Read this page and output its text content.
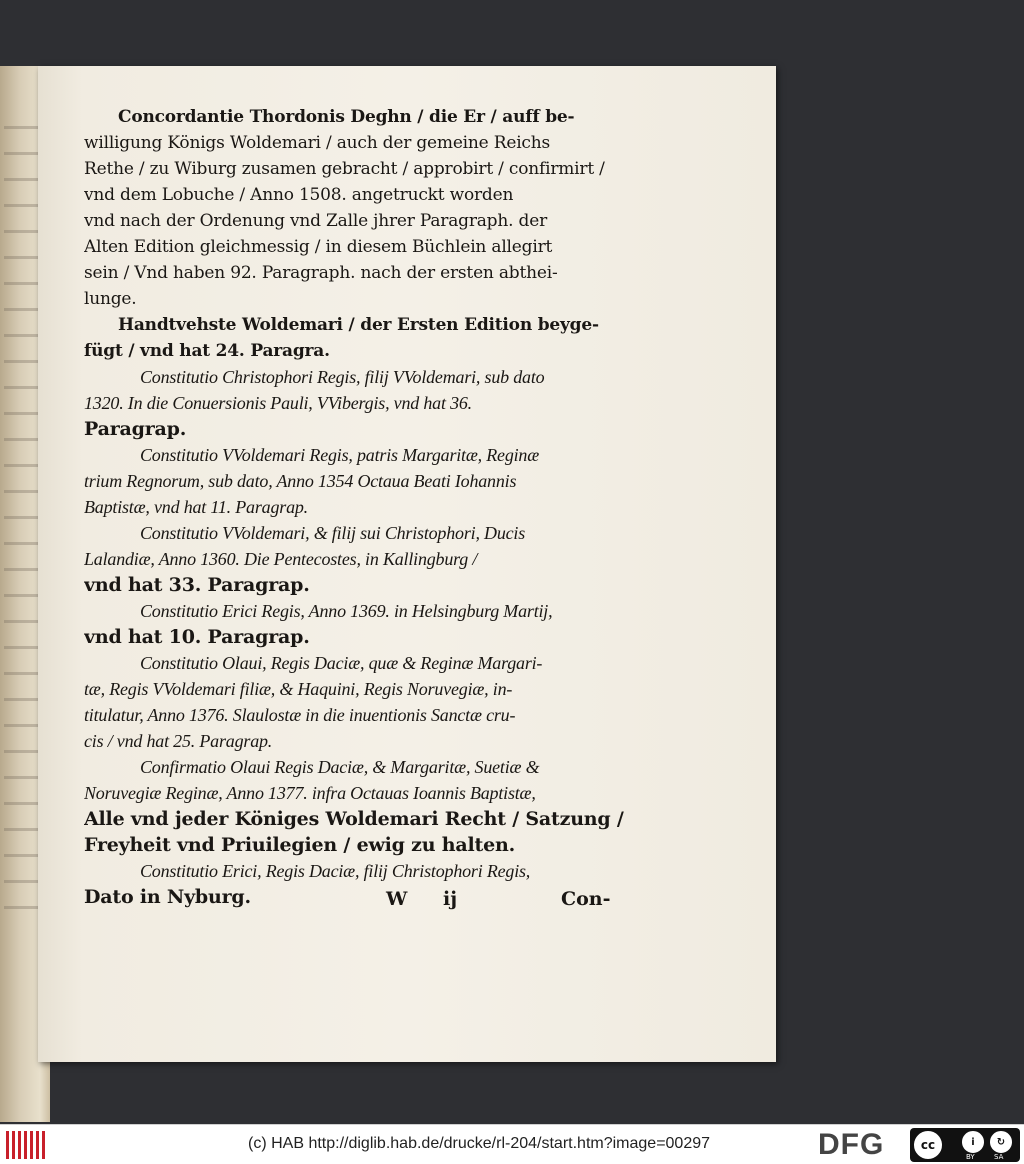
Concordantie Thordonis Deghn / die Er / auff be-
willigung Königs Woldemari / auch der gemeine Reichs
Rethe / zu Wiburg zusamen gebracht / approbirt / confirmirt /
vnd dem Lobuche / Anno 1508. angetruckt worden
vnd nach der Ordenung vnd Zalle jhrer Paragraph. der
Alten Edition gleichmessig / in diesem Büchlein allegirt
sein / Vnd haben 92. Paragraph. nach der ersten abthei-
lunge.
Handtvehste Woldemari / der Ersten Edition beyge-
fügt / vnd hat 24. Paragra.
Constitutio Christophori Regis, filij VVoldemari, sub dato
1320. In die Conuersionis Pauli, VVibergis, vnd hat 36.
Paragrap.
Constitutio VVoldemari Regis, patris Margaritæ, Reginæ
trium Regnorum, sub dato, Anno 1354 Octaua Beati Iohannis
Baptistæ, vnd hat 11. Paragrap.
Constitutio VVoldemari, & filij sui Christophori, Ducis
Lalandiæ, Anno 1360. Die Pentecostes, in Kallingburg /
vnd hat 33. Paragrap.
Constitutio Erici Regis, Anno 1369. in Helsingburg Martij,
vnd hat 10. Paragrap.
Constitutio Olaui, Regis Daciæ, quæ & Reginæ Margari-
tæ, Regis VVoldemari filiæ, & Haquini, Regis Noruvegiæ, in-
titulatur, Anno 1376. Slaulostæ in die inuentionis Sanctæ cru-
cis / vnd hat 25. Paragrap.
Confirmatio Olaui Regis Daciæ, & Margaritæ, Suetiæ &
Noruvegiæ Reginæ, Anno 1377. infra Octauas Ioannis Baptistæ,
Alle vnd jeder Königes Woldemari Recht / Satzung /
Freyheit vnd Priuilegien / ewig zu halten.
Constitutio Erici, Regis Daciæ, filij Christophori Regis,
Dato in Nyburg.	W ij	Con-
(c) HAB http://diglib.hab.de/drucke/rl-204/start.htm?image=00297	DFG	cc	i	↻
BY	SA
